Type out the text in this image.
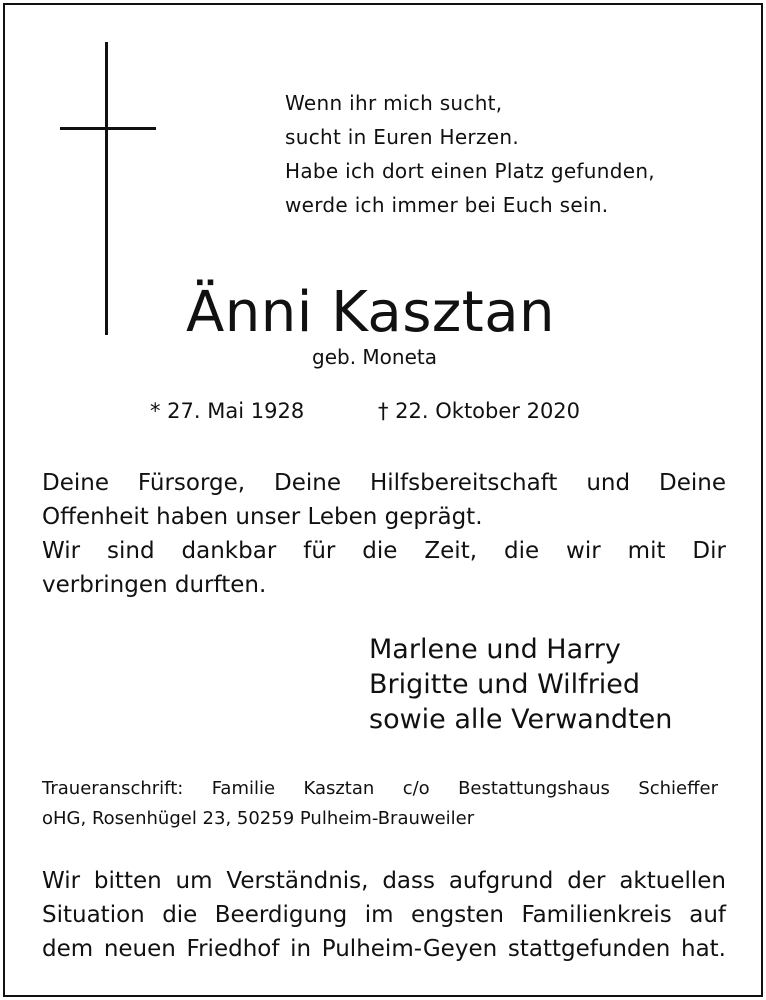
Wenn ihr mich sucht,
sucht in Euren Herzen.
Habe ich dort einen Platz gefunden,
werde ich immer bei Euch sein.
Änni Kasztan
geb. Moneta
* 27. Mai 1928	† 22. Oktober 2020
Deine Fürsorge, Deine Hilfsbereitschaft und Deine
Offenheit haben unser Leben geprägt.
Wir sind dankbar für die Zeit, die wir mit Dir
verbringen durften.
Marlene und Harry
Brigitte und Wilfried
sowie alle Verwandten
Traueranschrift: Familie Kasztan c/o Bestattungshaus Schieffer
oHG, Rosenhügel 23, 50259 Pulheim-Brauweiler
Wir bitten um Verständnis, dass aufgrund der aktuellen
Situation die Beerdigung im engsten Familienkreis auf
dem neuen Friedhof in Pulheim-Geyen stattgefunden hat.
